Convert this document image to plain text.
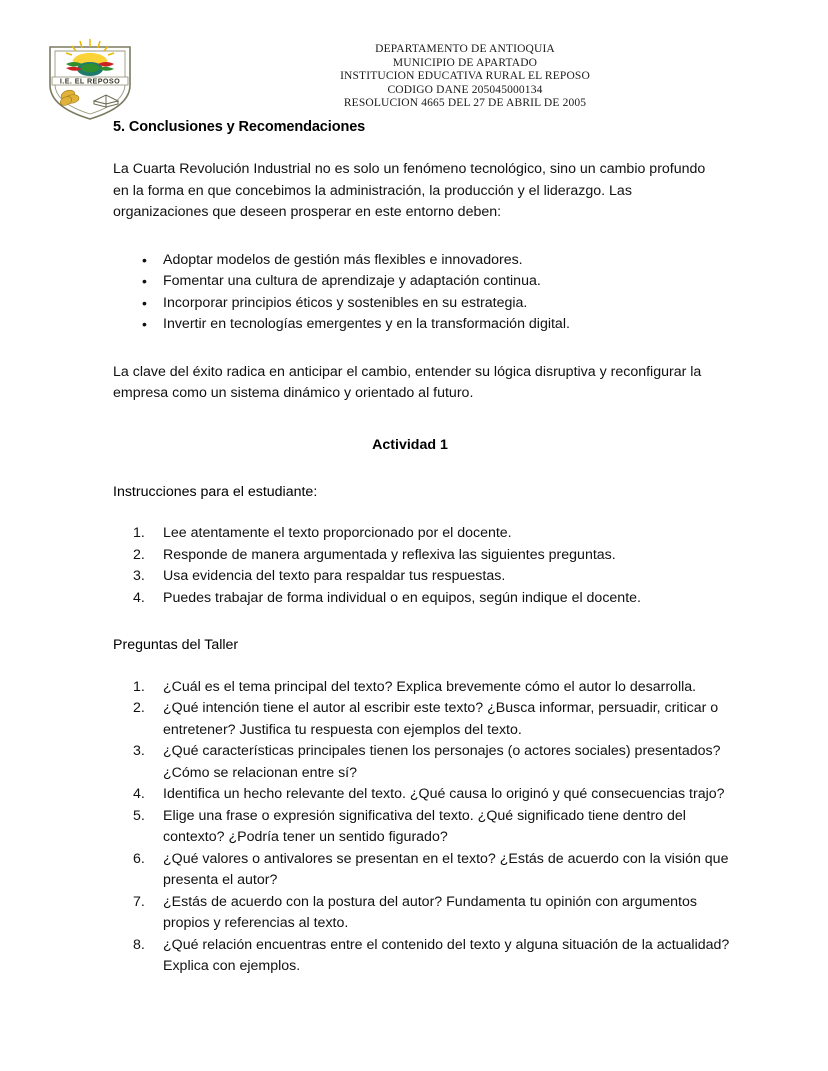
I.E. EL REPOSO
DEPARTAMENTO DE ANTIOQUIA
MUNICIPIO DE APARTADO
INSTITUCION EDUCATIVA RURAL EL REPOSO
CODIGO DANE 205045000134
RESOLUCION 4665 DEL 27 DE ABRIL DE 2005
5. Conclusiones y Recomendaciones

La Cuarta Revolución Industrial no es solo un fenómeno tecnológico, sino un cambio profundo en la forma en que concebimos la administración, la producción y el liderazgo. Las organizaciones que deseen prosperar en este entorno deben:

•	Adoptar modelos de gestión más flexibles e innovadores.
•	Fomentar una cultura de aprendizaje y adaptación continua.
•	Incorporar principios éticos y sostenibles en su estrategia.
•	Invertir en tecnologías emergentes y en la transformación digital.

La clave del éxito radica en anticipar el cambio, entender su lógica disruptiva y reconfigurar la empresa como un sistema dinámico y orientado al futuro.

Actividad 1
Instrucciones para el estudiante:
1.	Lee atentamente el texto proporcionado por el docente.
2.	Responde de manera argumentada y reflexiva las siguientes preguntas.
3.	Usa evidencia del texto para respaldar tus respuestas.
4.	Puedes trabajar de forma individual o en equipos, según indique el docente.
Preguntas del Taller
1.	¿Cuál es el tema principal del texto? Explica brevemente cómo el autor lo desarrolla.
2.	¿Qué intención tiene el autor al escribir este texto? ¿Busca informar, persuadir, criticar o entretener? Justifica tu respuesta con ejemplos del texto.
3.	¿Qué características principales tienen los personajes (o actores sociales) presentados? ¿Cómo se relacionan entre sí?
4.	Identifica un hecho relevante del texto. ¿Qué causa lo originó y qué consecuencias trajo?
5.	Elige una frase o expresión significativa del texto. ¿Qué significado tiene dentro del contexto? ¿Podría tener un sentido figurado?
6.	¿Qué valores o antivalores se presentan en el texto? ¿Estás de acuerdo con la visión que presenta el autor?
7.	¿Estás de acuerdo con la postura del autor? Fundamenta tu opinión con argumentos propios y referencias al texto.
8.	¿Qué relación encuentras entre el contenido del texto y alguna situación de la actualidad? Explica con ejemplos.
